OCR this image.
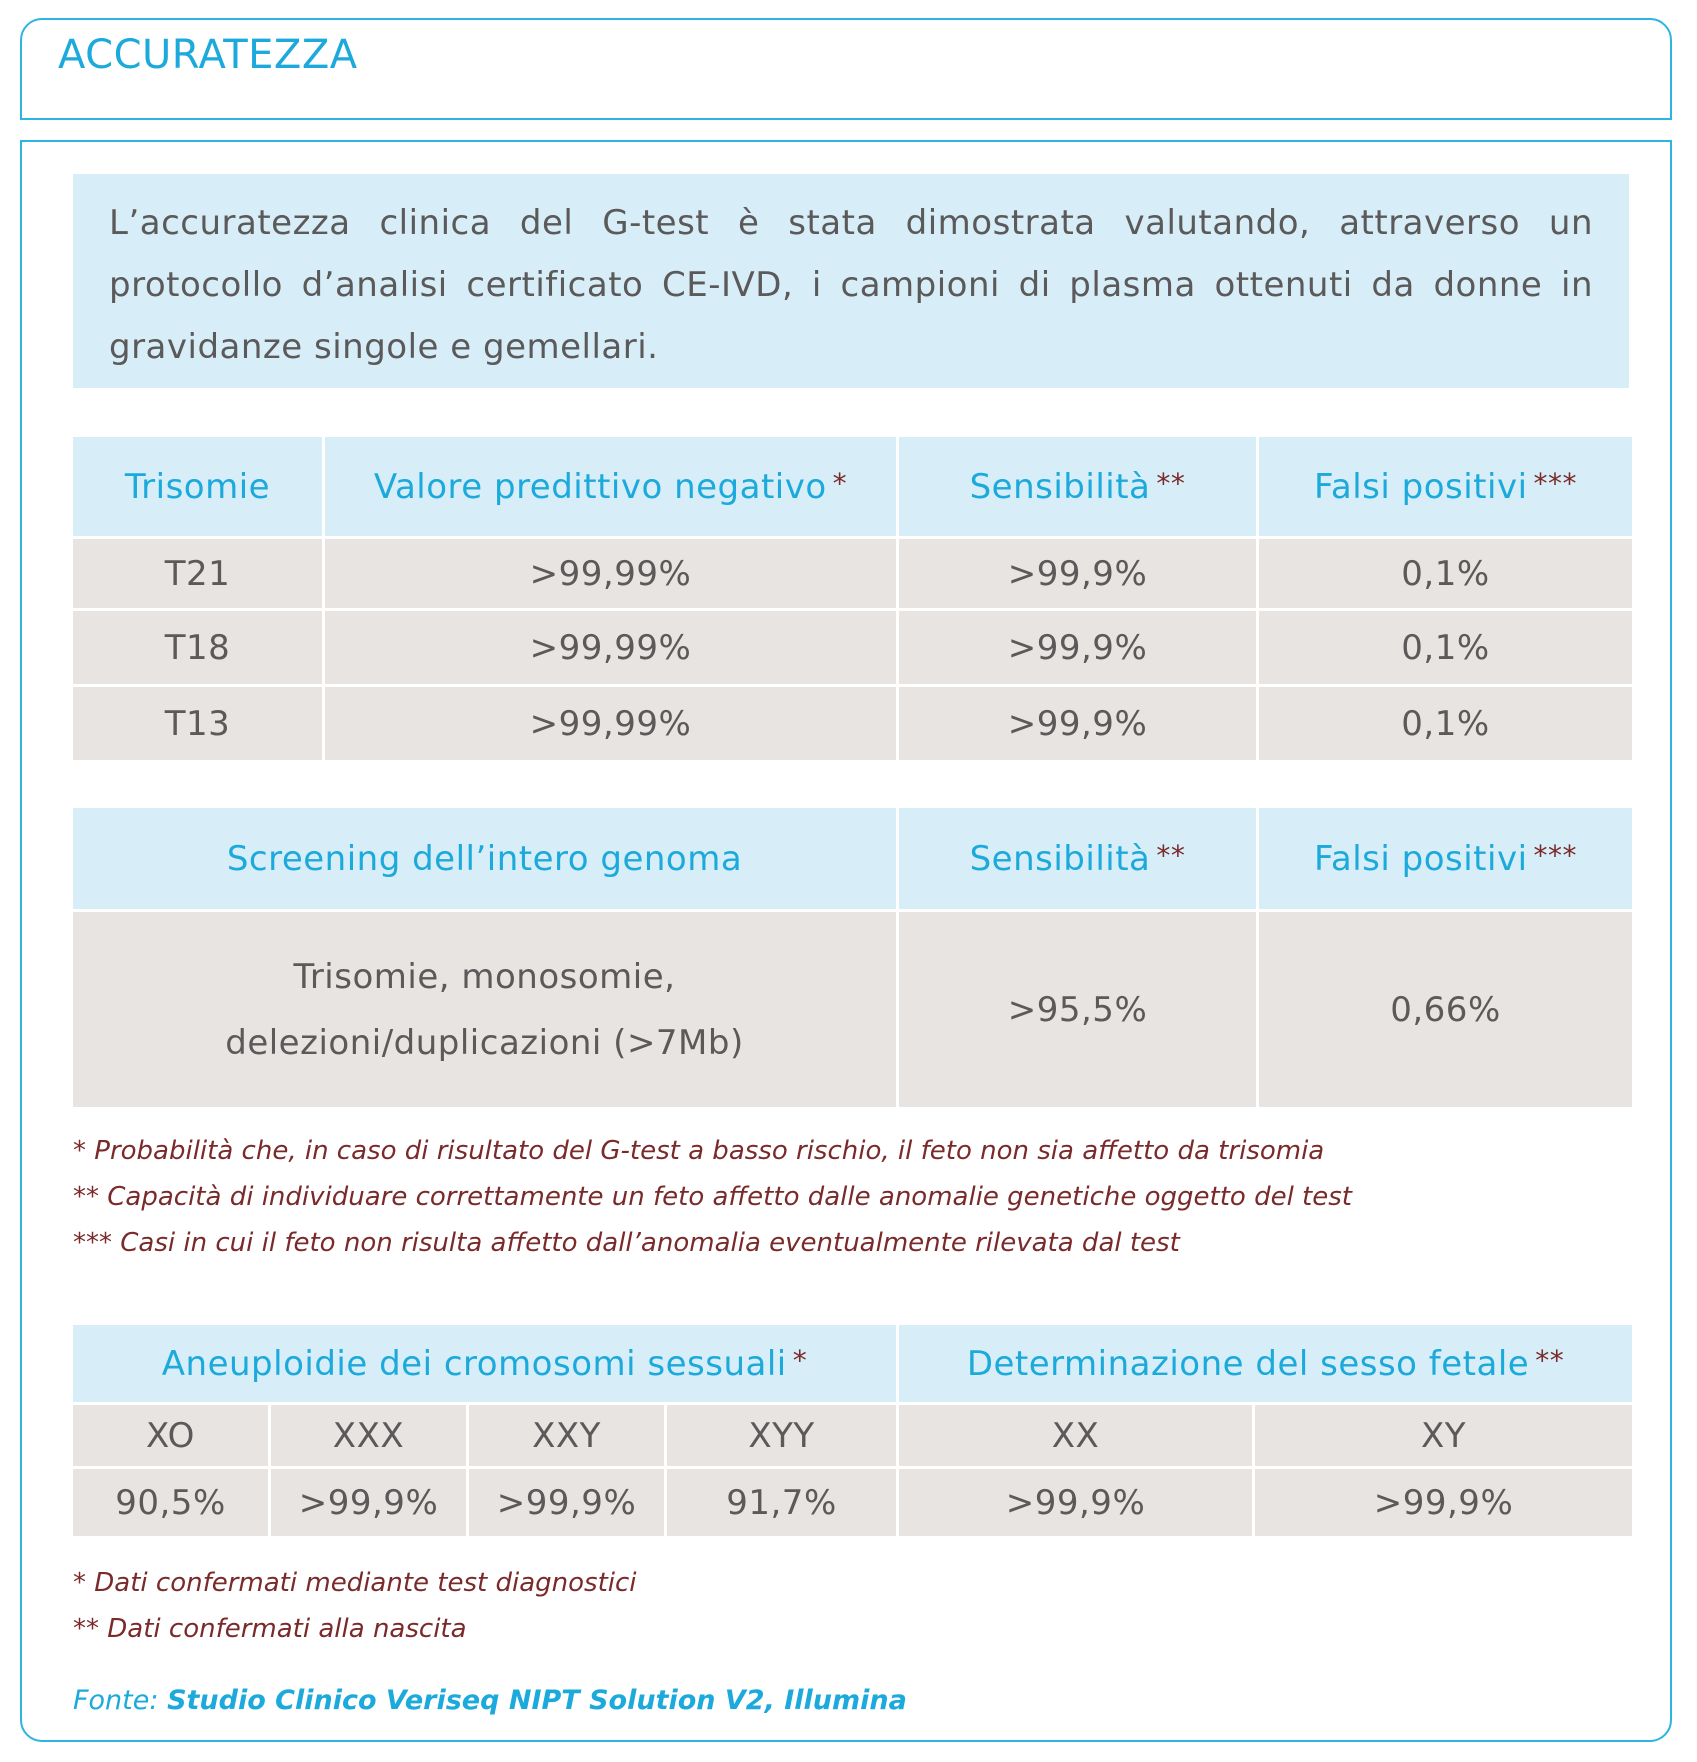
ACCURATEZZA

L’accuratezza clinica del G-test è stata dimostrata valutando, attraverso un protocollo d’analisi certificato CE-IVD, i campioni di plasma ottenuti da donne in gravidanze singole e gemellari.

Trisomie	Valore predittivo negativo *	Sensibilità **	Falsi positivi ***
T21	>99,99%	>99,9%	0,1%
T18	>99,99%	>99,9%	0,1%
T13	>99,99%	>99,9%	0,1%
Screening dell’intero genoma	Sensibilità **	Falsi positivi ***

Trisomie, monosomie,
delezioni/duplicazioni (>7Mb)	>95,5%	0,66%
* Probabilità che, in caso di risultato del G-test a basso rischio, il feto non sia affetto da trisomia
** Capacità di individuare correttamente un feto affetto dalle anomalie genetiche oggetto del test
*** Casi in cui il feto non risulta affetto dall’anomalia eventualmente rilevata dal test
Aneuploidie dei cromosomi sessuali *				Determinazione del sesso fetale **
XO	XXX	XXY	XYY	XX	XY
90,5%	>99,9%	>99,9%	91,7%	>99,9%	>99,9%
* Dati confermati mediante test diagnostici
** Dati confermati alla nascita
Fonte: Studio Clinico Veriseq NIPT Solution V2, Illumina
